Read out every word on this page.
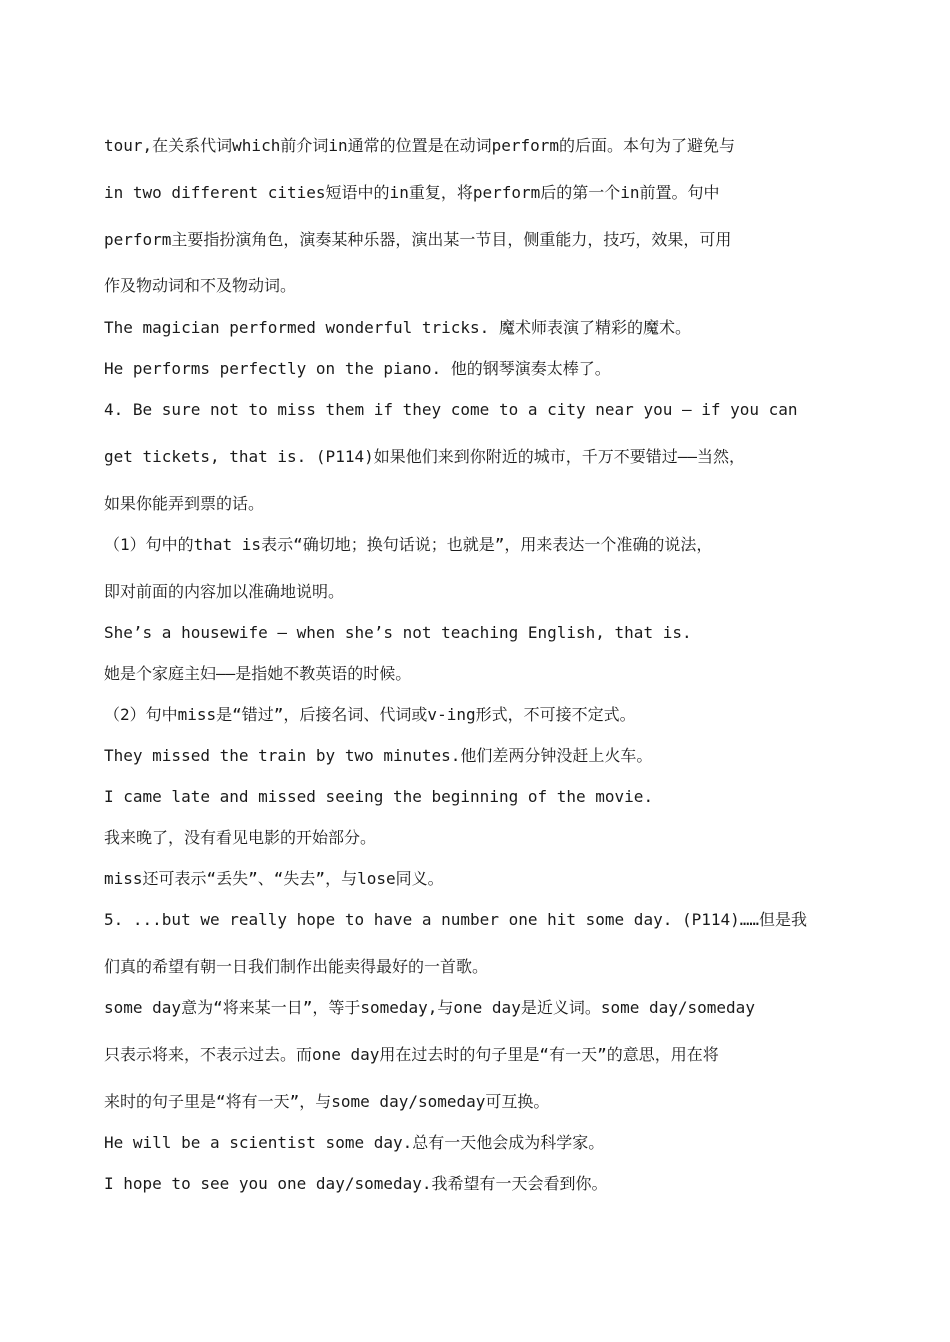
tour,在关系代词which前介词in通常的位置是在动词perform的后面。本句为了避免与
in two different cities短语中的in重复，将perform后的第一个in前置。句中
perform主要指扮演角色，演奏某种乐器，演出某一节目，侧重能力，技巧，效果，可用
作及物动词和不及物动词。
The magician performed wonderful tricks. 魔术师表演了精彩的魔术。
He performs perfectly on the piano. 他的钢琴演奏太棒了。
4. Be sure not to miss them if they come to a city near you — if you can
get tickets, that is. (P114)如果他们来到你附近的城市，千万不要错过——当然，
如果你能弄到票的话。
（1）句中的that is表示“确切地；换句话说；也就是”，用来表达一个准确的说法，
即对前面的内容加以准确地说明。
She’s a housewife — when she’s not teaching English, that is.
她是个家庭主妇——是指她不教英语的时候。
（2）句中miss是“错过”，后接名词、代词或v-ing形式，不可接不定式。
They missed the train by two minutes.他们差两分钟没赶上火车。
I came late and missed seeing the beginning of the movie.
我来晚了，没有看见电影的开始部分。
miss还可表示“丢失”、“失去”，与lose同义。
5. ...but we really hope to have a number one hit some day. (P114)……但是我
们真的希望有朝一日我们制作出能卖得最好的一首歌。
some day意为“将来某一日”，等于someday,与one day是近义词。some day/someday
只表示将来，不表示过去。而one day用在过去时的句子里是“有一天”的意思，用在将
来时的句子里是“将有一天”，与some day/someday可互换。
He will be a scientist some day.总有一天他会成为科学家。
I hope to see you one day/someday.我希望有一天会看到你。
